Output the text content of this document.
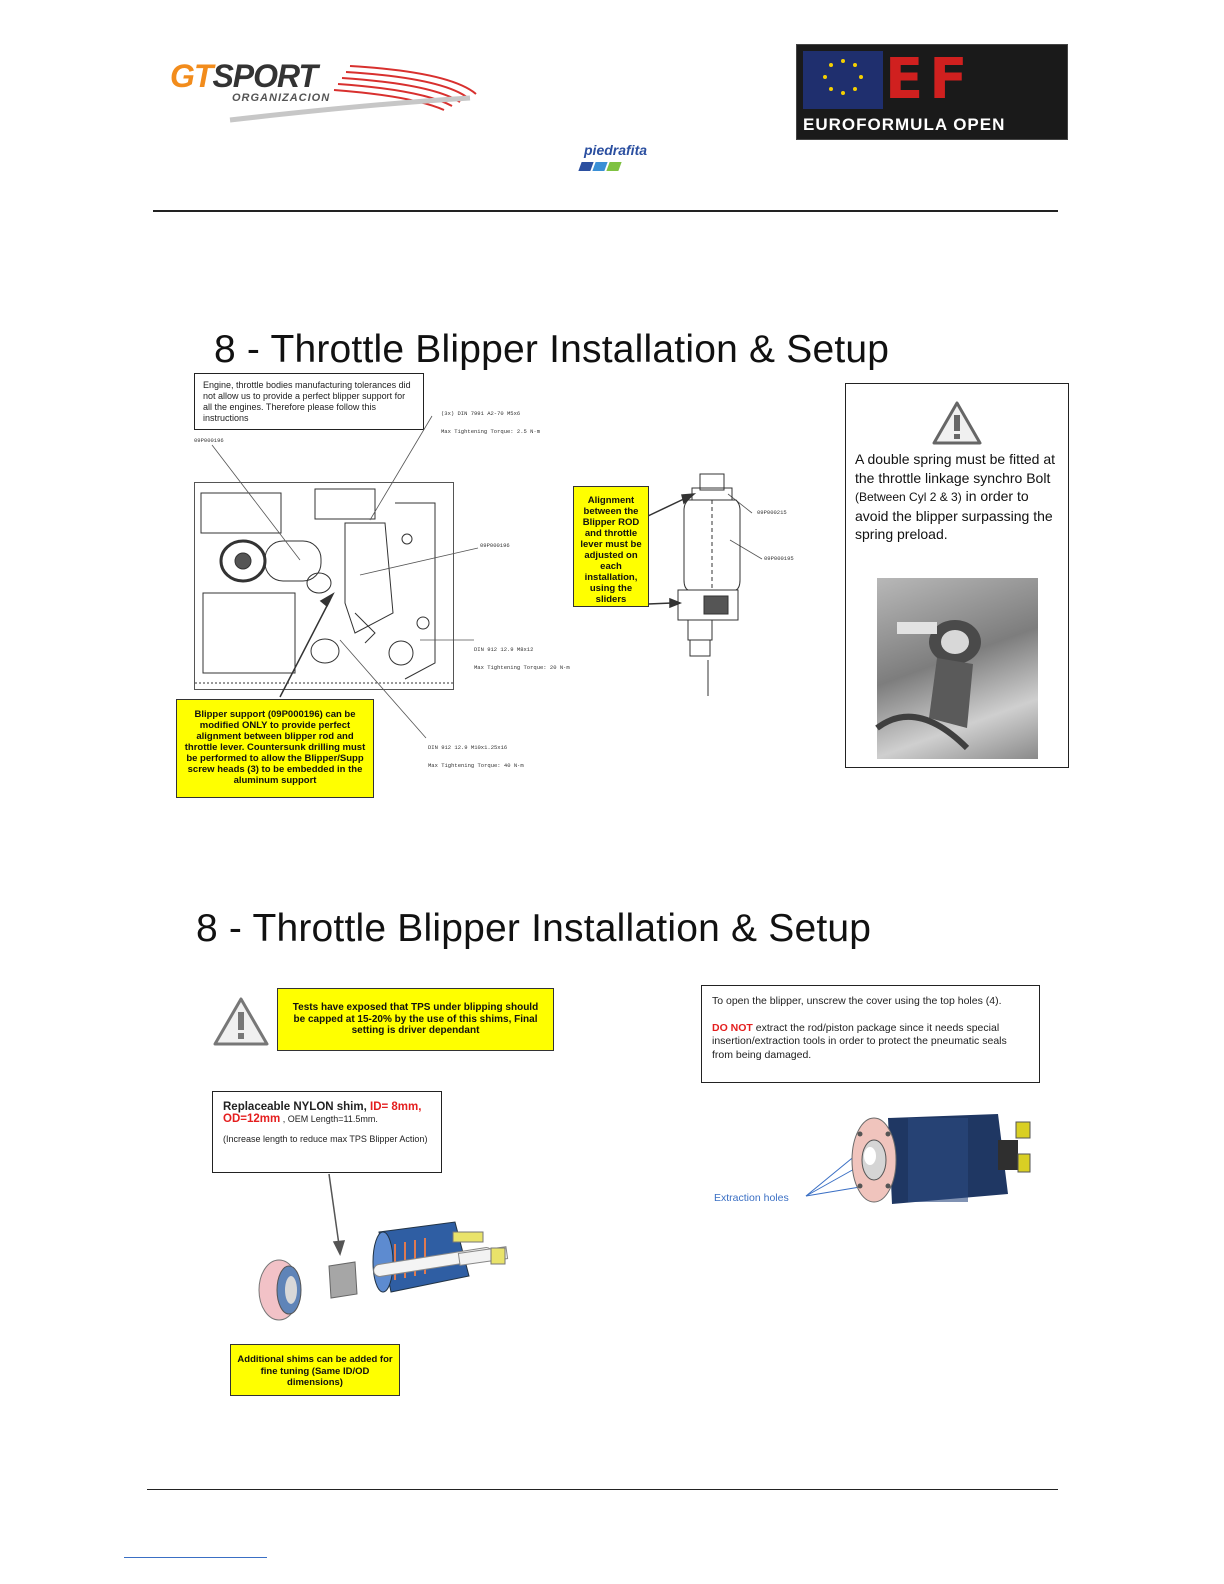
GTSPORT
ORGANIZACION
piedrafita
EF
EUROFORMULA OPEN
8 - Throttle Blipper Installation & Setup
Engine, throttle bodies manufacturing tolerances did not allow us to provide a perfect blipper support for all the engines. Therefore please follow this instructions

	(3x) DIN 7991 A2-70 M5x6

Max Tightening Torque: 2.5 N·m

09P000196
09P000196

DIN 912 12.9 M8x12

Max Tightening Torque: 20 N·m

DIN 912 12.9 M10x1.25x16

Max Tightening Torque: 40 N·m

09P000215
09P000195
Alignment between the Blipper ROD and throttle lever must be adjusted on each installation, using the sliders
Blipper support (09P000196) can be modified ONLY to provide perfect alignment between blipper rod and throttle lever. Countersunk drilling must be performed to allow the Blipper/Supp screw heads (3) to be embedded in the aluminum support
A double spring must be fitted at the throttle linkage synchro Bolt (Between Cyl 2 & 3) in order to avoid the blipper surpassing the spring preload.
8 - Throttle Blipper Installation & Setup
Tests have exposed that TPS under blipping should be capped at 15-20% by the use of this shims, Final setting is driver dependant
Replaceable NYLON shim, ID= 8mm,
OD=12mm , OEM Length=11.5mm.
(Increase length to reduce max TPS Blipper Action)
To open the blipper, unscrew the cover using the top holes (4).
DO NOT extract the rod/piston package since it needs special insertion/extraction tools in order to protect the pneumatic seals from being damaged.
Additional shims can be added for fine tuning (Same ID/OD dimensions)
Extraction holes
